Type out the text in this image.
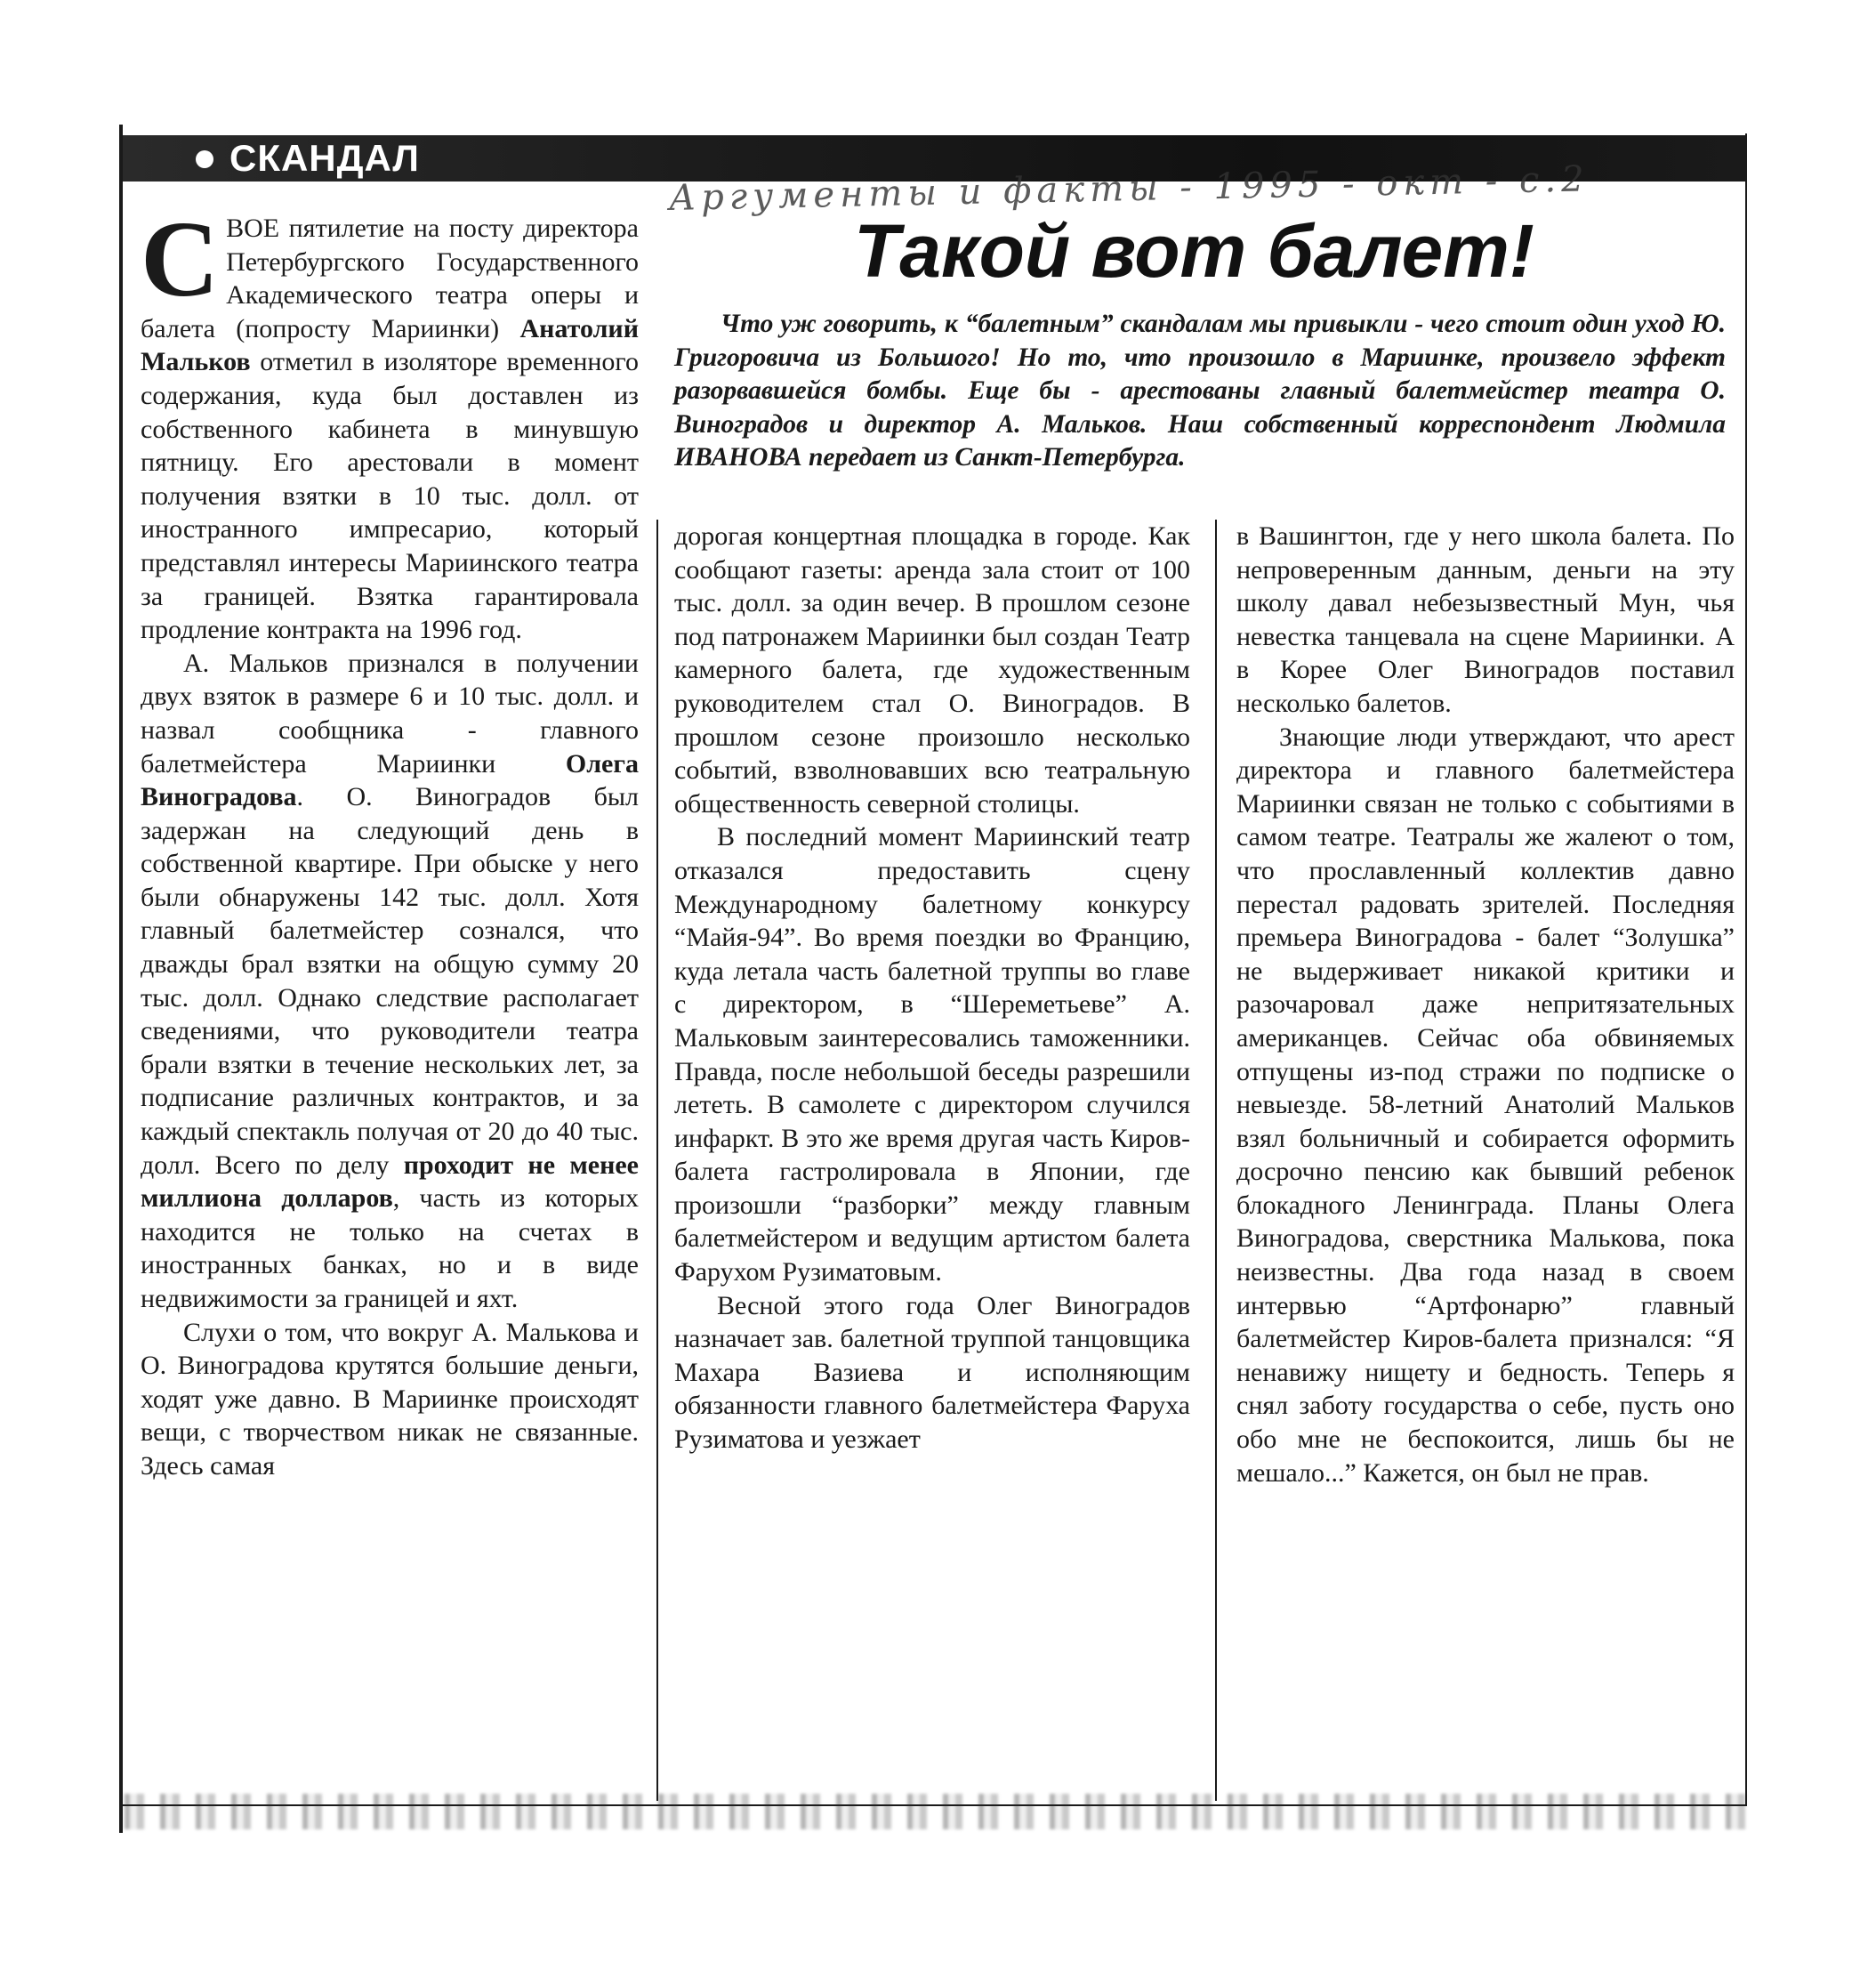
СКАНДАЛ
Аргументы и факты - 1995 - окт - с.2
Такой вот балет!

Что уж говорить, к “балетным” скандалам мы привыкли - чего стоит один уход Ю. Григоровича из Большого! Но то, что произошло в Мариинке, произвело эффект разорвавшейся бомбы. Еще бы - арестованы главный балетмейстер театра О. Виноградов и директор А. Мальков. Наш собственный корреспондент Людмила ИВАНОВА передает из Санкт-Петербурга.

СВОЕ пятилетие на посту директора Петербургского Государственного Академического театра оперы и балета (попросту Мариинки) Анатолий Мальков отметил в изоляторе временного содержания, куда был доставлен из собственного кабинета в минувшую пятницу. Его арестовали в момент получения взятки в 10 тыс. долл. от иностранного импресарио, который представлял интересы Мариинского театра за границей. Взятка гарантировала продление контракта на 1996 год.

А. Мальков признался в получении двух взяток в размере 6 и 10 тыс. долл. и назвал сообщника - главного балетмейстера Мариинки Олега Виноградова. О. Виноградов был задержан на следующий день в собственной квартире. При обыске у него были обнаружены 142 тыс. долл. Хотя главный балетмейстер сознался, что дважды брал взятки на общую сумму 20 тыс. долл. Однако следствие располагает сведениями, что руководители театра брали взятки в течение нескольких лет, за подписание различных контрактов, и за каждый спектакль получая от 20 до 40 тыс. долл. Всего по делу проходит не менее миллиона долларов, часть из которых находится не только на счетах в иностранных банках, но и в виде недвижимости за границей и яхт.

Слухи о том, что вокруг А. Малькова и О. Виноградова крутятся большие деньги, ходят уже давно. В Мариинке происходят вещи, с творчеством никак не связанные. Здесь самая

дорогая концертная площадка в городе. Как сообщают газеты: аренда зала стоит от 100 тыс. долл. за один вечер. В прошлом сезоне под патронажем Мариинки был создан Театр камерного балета, где художественным руководителем стал О. Виноградов. В прошлом сезоне произошло несколько событий, взволновавших всю театральную общественность северной столицы.

В последний момент Мариинский театр отказался предоставить сцену Международному балетному конкурсу “Майя-94”. Во время поездки во Францию, куда летала часть балетной труппы во главе с директором, в “Шереметьеве” А. Мальковым заинтересовались таможенники. Правда, после небольшой беседы разрешили лететь. В самолете с директором случился инфаркт. В это же время другая часть Киров-балета гастролировала в Японии, где произошли “разборки” между главным балетмейстером и ведущим артистом балета Фарухом Рузиматовым.

Весной этого года Олег Виноградов назначает зав. балетной труппой танцовщика Махара Вазиева и исполняющим обязанности главного балетмейстера Фаруха Рузиматова и уезжает

в Вашингтон, где у него школа балета. По непроверенным данным, деньги на эту школу давал небезызвестный Мун, чья невестка танцевала на сцене Мариинки. А в Корее Олег Виноградов поставил несколько балетов.

Знающие люди утверждают, что арест директора и главного балетмейстера Мариинки связан не только с событиями в самом театре. Театралы же жалеют о том, что прославленный коллектив давно перестал радовать зрителей. Последняя премьера Виноградова - балет “Золушка” не выдерживает никакой критики и разочаровал даже непритязательных американцев. Сейчас оба обвиняемых отпущены из-под стражи по подписке о невыезде. 58-летний Анатолий Мальков взял больничный и собирается оформить досрочно пенсию как бывший ребенок блокадного Ленинграда. Планы Олега Виноградова, сверстника Малькова, пока неизвестны. Два года назад в своем интервью “Артфонарю” главный балетмейстер Киров-балета признался: “Я ненавижу нищету и бедность. Теперь я снял заботу государства о себе, пусть оно обо мне не беспокоится, лишь бы не мешало...” Кажется, он был не прав.
